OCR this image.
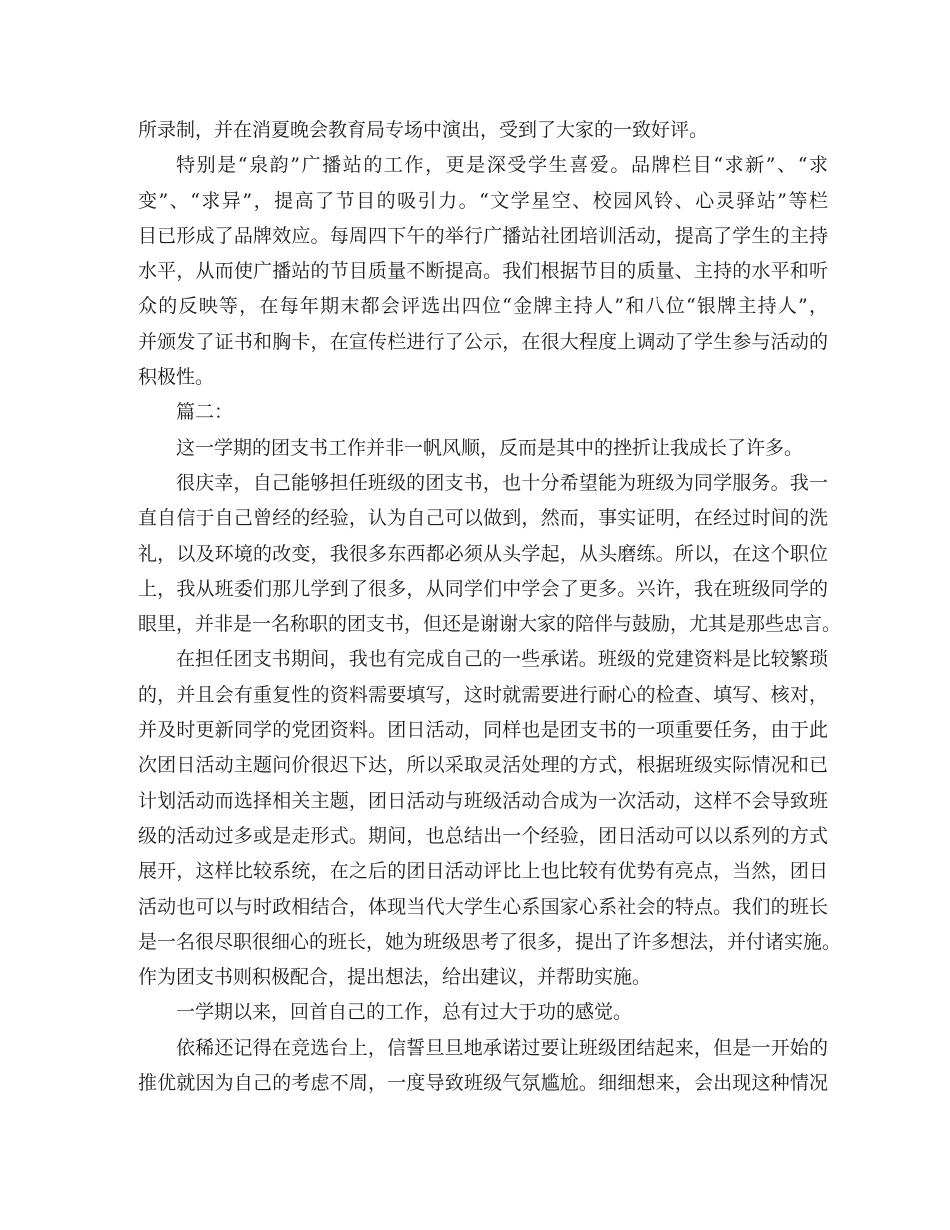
所录制，并在消夏晚会教育局专场中演出，受到了大家的一致好评。
特别是“泉韵”广播站的工作，更是深受学生喜爱。品牌栏目“求新”、“求
变”、“求异”，提高了节目的吸引力。“文学星空、校园风铃、心灵驿站”等栏
目已形成了品牌效应。每周四下午的举行广播站社团培训活动，提高了学生的主持
水平，从而使广播站的节目质量不断提高。我们根据节目的质量、主持的水平和听
众的反映等，在每年期末都会评选出四位“金牌主持人”和八位“银牌主持人”，
并颁发了证书和胸卡，在宣传栏进行了公示，在很大程度上调动了学生参与活动的
积极性。
篇二：
这一学期的团支书工作并非一帆风顺，反而是其中的挫折让我成长了许多。
很庆幸，自己能够担任班级的团支书，也十分希望能为班级为同学服务。我一
直自信于自己曾经的经验，认为自己可以做到，然而，事实证明，在经过时间的洗
礼，以及环境的改变，我很多东西都必须从头学起，从头磨练。所以，在这个职位
上，我从班委们那儿学到了很多，从同学们中学会了更多。兴许，我在班级同学的
眼里，并非是一名称职的团支书，但还是谢谢大家的陪伴与鼓励，尤其是那些忠言。
在担任团支书期间，我也有完成自己的一些承诺。班级的党建资料是比较繁琐
的，并且会有重复性的资料需要填写，这时就需要进行耐心的检查、填写、核对，
并及时更新同学的党团资料。团日活动，同样也是团支书的一项重要任务，由于此
次团日活动主题问价很迟下达，所以采取灵活处理的方式，根据班级实际情况和已
计划活动而选择相关主题，团日活动与班级活动合成为一次活动，这样不会导致班
级的活动过多或是走形式。期间，也总结出一个经验，团日活动可以以系列的方式
展开，这样比较系统，在之后的团日活动评比上也比较有优势有亮点，当然，团日
活动也可以与时政相结合，体现当代大学生心系国家心系社会的特点。我们的班长
是一名很尽职很细心的班长，她为班级思考了很多，提出了许多想法，并付诸实施。
作为团支书则积极配合，提出想法，给出建议，并帮助实施。
一学期以来，回首自己的工作，总有过大于功的感觉。
依稀还记得在竞选台上，信誓旦旦地承诺过要让班级团结起来，但是一开始的
推优就因为自己的考虑不周，一度导致班级气氛尴尬。细细想来，会出现这种情况
